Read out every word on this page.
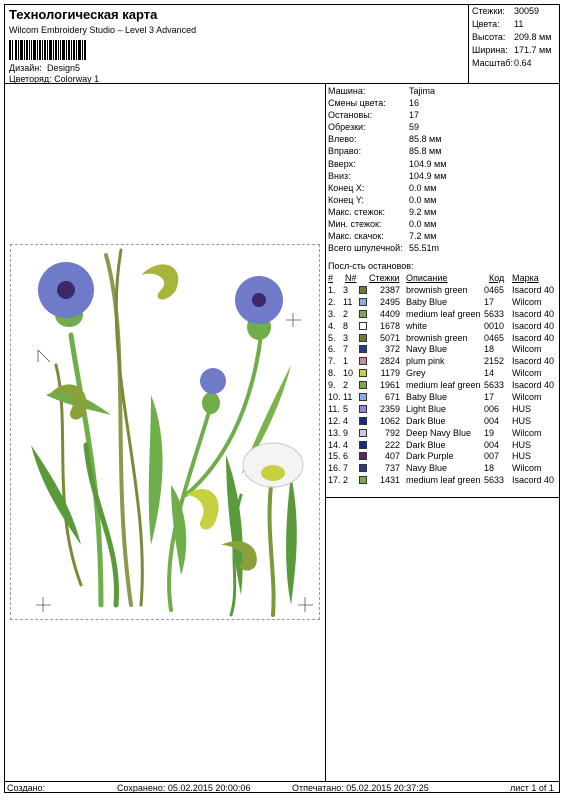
Технологическая карта
Wilcom Embroidery Studio – Level 3 Advanced
Дизайн: Design5
Цветоряд: Colorway 1
Стежки: 30059
Цвета: 11
Высота: 209.8 мм
Ширина: 171.7 мм
Масштаб: 0.64
Машина:	Tajima
Смены цвета:	16
Остановы:	17
Обрезки:	59
Влево:	85.8 мм
Вправо:	85.8 мм
Вверх:	104.9 мм
Вниз:	104.9 мм
Конец X:	0.0 мм
Конец Y:	0.0 мм
Макс. стежок:	9.2 мм
Мин. стежок:	0.0 мм
Макс. скачок:	7.2 мм
Всего шпулечной: 55.51m
Посл-сть остановов:
# N# Стежки Описание	Код Марка
1. 3	2387 brownish green 0465 Isacord 40
2. 11	2495 Baby Blue	17 Wilcom
3. 2	4409 medium leaf green 5633 Isacord 40
4. 8	1678 white	0010 Isacord 40
5. 3	5071 brownish green 0465 Isacord 40
6. 7	372 Navy Blue	18 Wilcom
7. 1	2824 plum pink	2152 Isacord 40
8. 10	1179 Grey	14 Wilcom
9. 2	1961 medium leaf green 5633 Isacord 40
10. 11	671 Baby Blue	17 Wilcom
11. 5	2359 Light Blue	006 HUS
12. 4	1062 Dark Blue	004 HUS
13. 9	792 Deep Navy Blue 19 Wilcom
14. 4	222 Dark Blue	004 HUS
15. 6	407 Dark Purple	007 HUS
16. 7	737 Navy Blue	18 Wilcom
17. 2	1431 medium leaf green 5633 Isacord 40
Создано:	Сохранено: 05.02.2015 20:00:06	Отпечатано: 05.02.2015 20:37:25	лист 1 of 1
